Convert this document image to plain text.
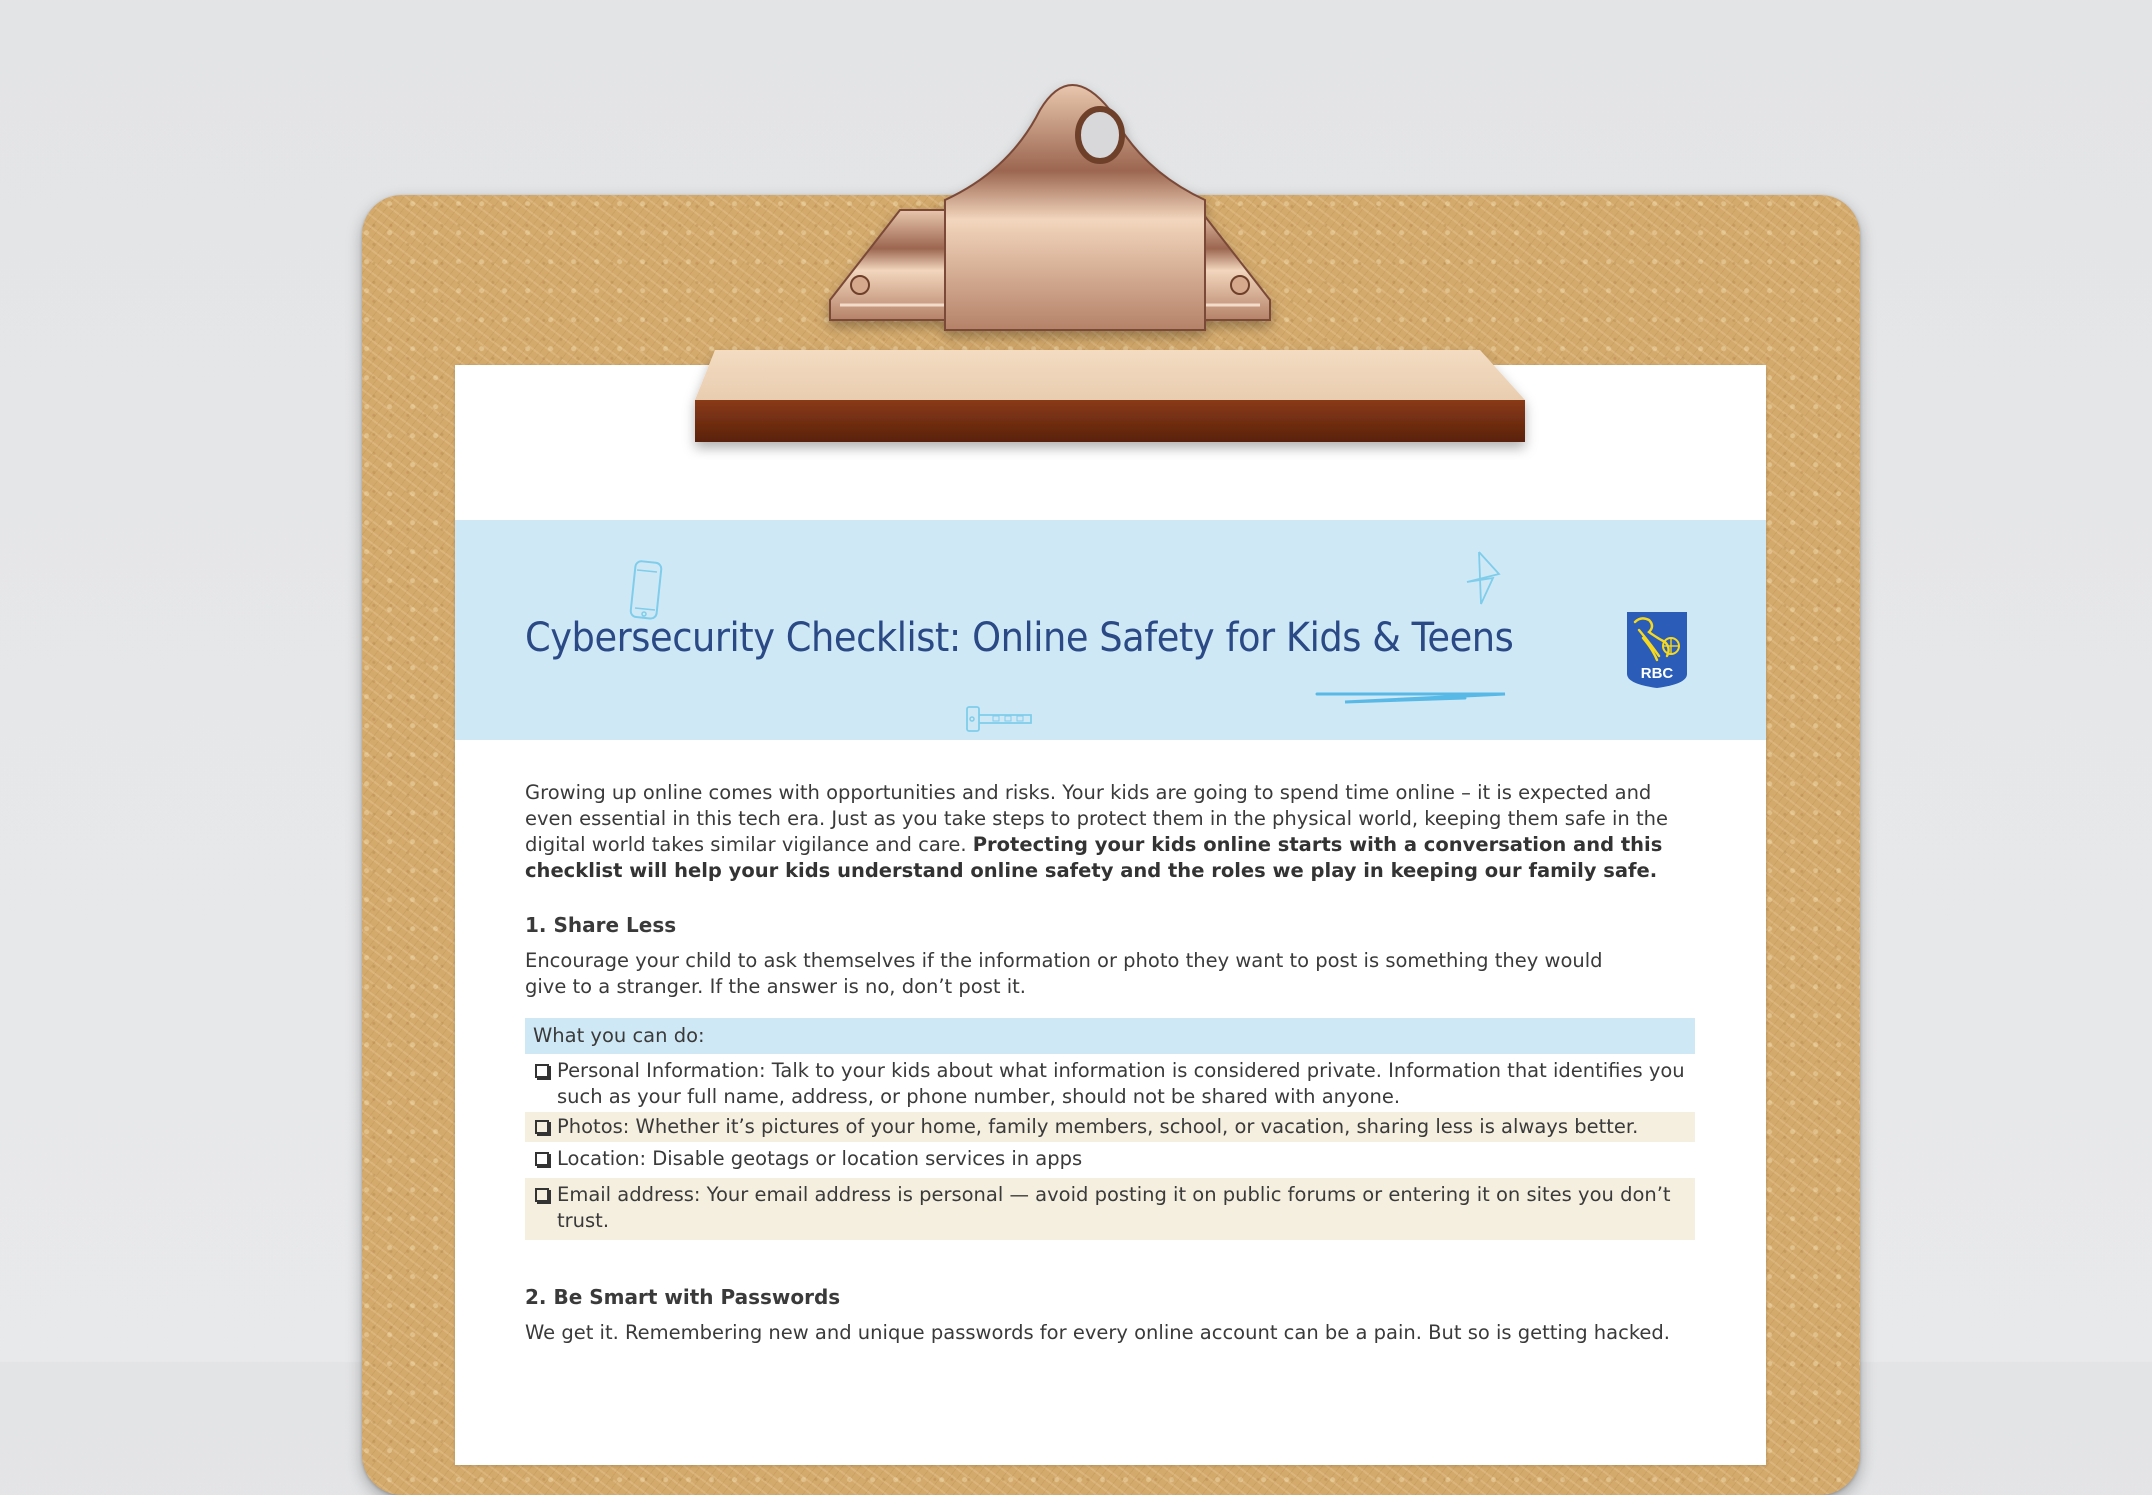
Cybersecurity Checklist: Online Safety for Kids & Teens
RBC

Growing up online comes with opportunities and risks. Your kids are going to spend time online – it is expected and even essential in this tech era. Just as you take steps to protect them in the physical world, keeping them safe in the digital world takes similar vigilance and care. Protecting your kids online starts with a conversation and this checklist will help your kids understand online safety and the roles we play in keeping our family safe.

1. Share Less

Encourage your child to ask themselves if the information or photo they want to post is something they would give to a stranger. If the answer is no, don’t post it.

What you can do:
Personal Information: Talk to your kids about what information is considered private. Information that identifies you such as your full name, address, or phone number, should not be shared with anyone.
Photos: Whether it’s pictures of your home, family members, school, or vacation, sharing less is always better.
Location: Disable geotags or location services in apps
Email address: Your email address is personal — avoid posting it on public forums or entering it on sites you don’t trust.
2. Be Smart with Passwords

We get it. Remembering new and unique passwords for every online account can be a pain. But so is getting hacked.
